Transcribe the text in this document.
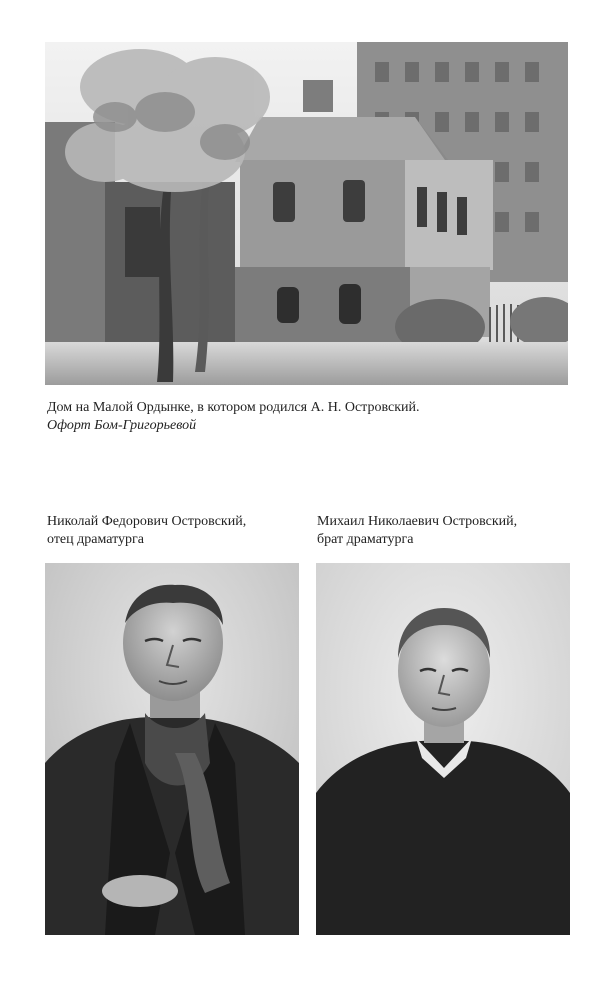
Дом на Малой Ордынке, в котором родился А. Н. Островский.
Офорт Бом-Григорьевой
Николай Федорович Островский,
отец драматурга
Михаил Николаевич Островский,
брат драматурга
